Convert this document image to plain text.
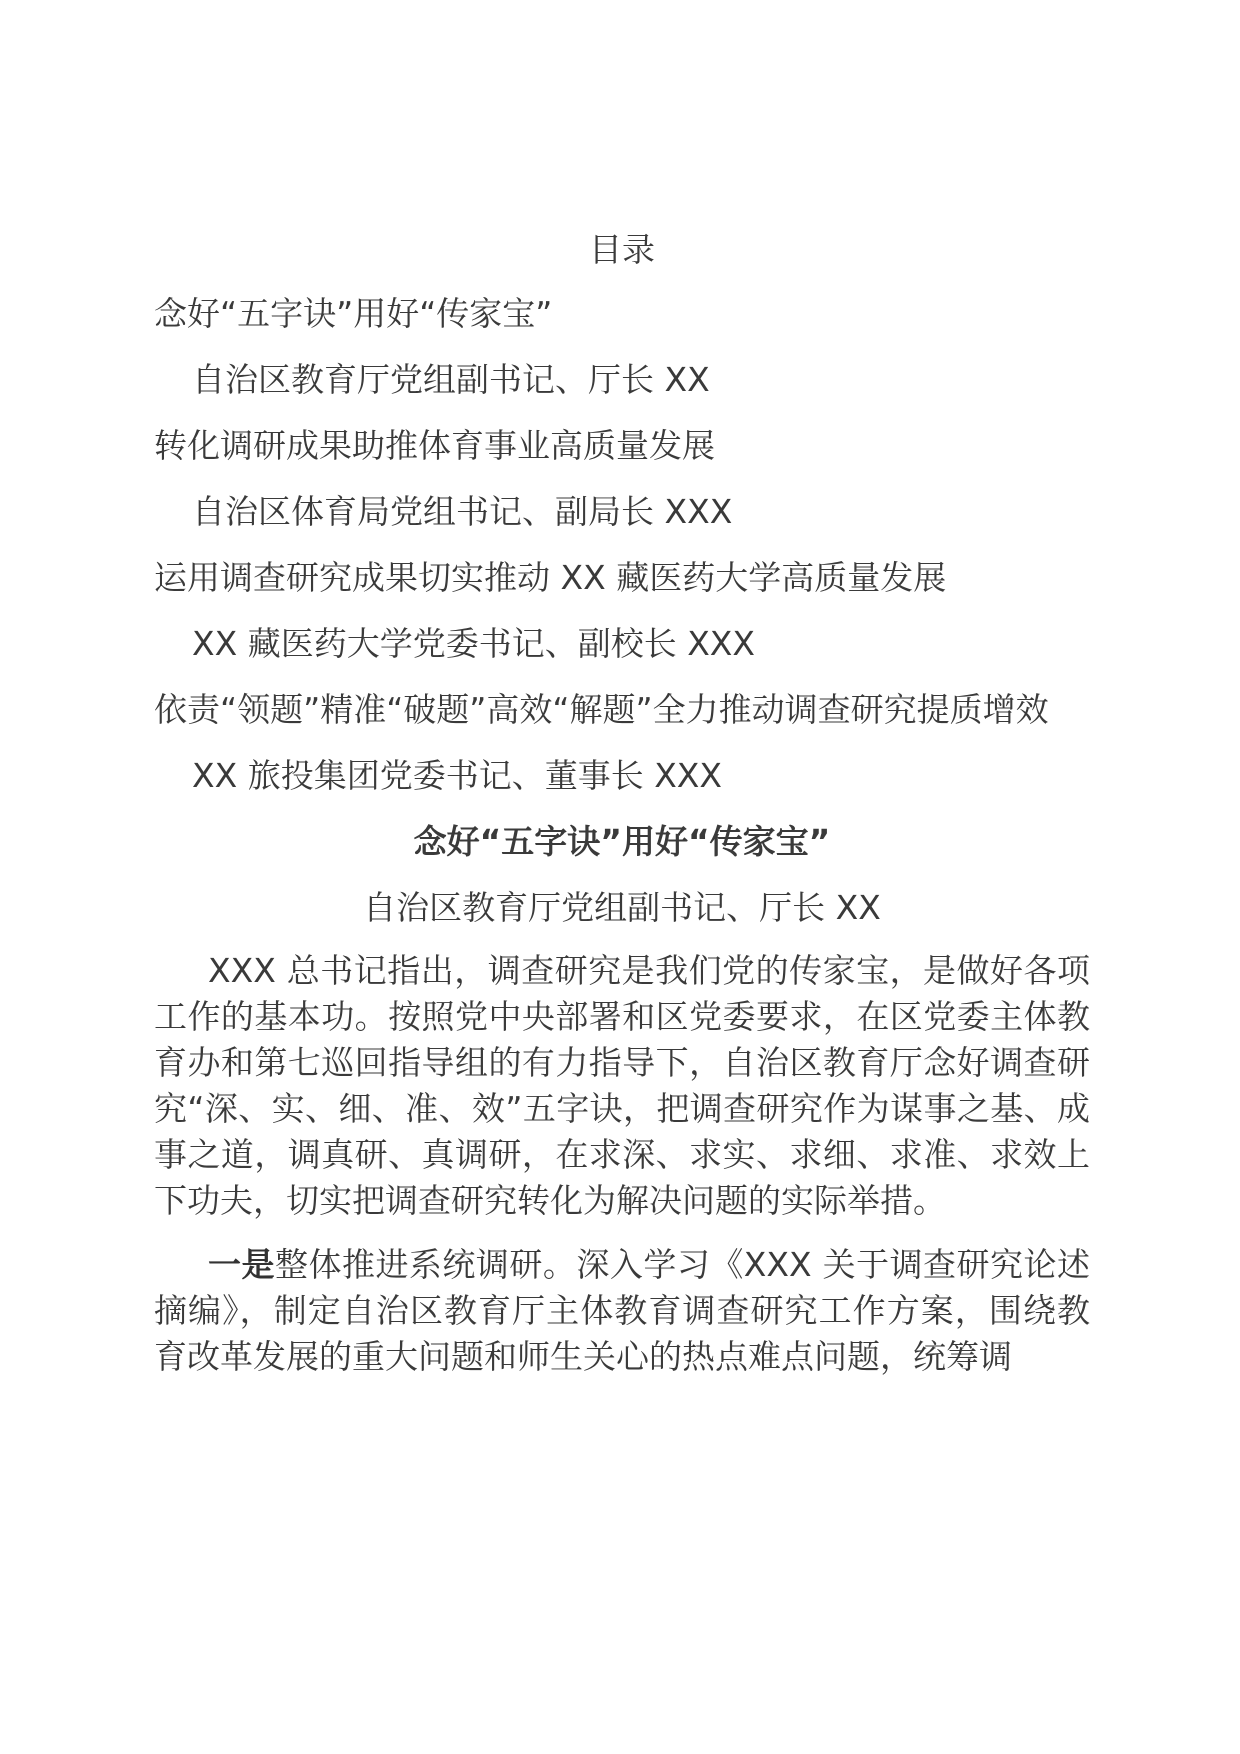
目录

念好“五字诀”用好“传家宝”

自治区教育厅党组副书记、厅长 XX

转化调研成果助推体育事业高质量发展

自治区体育局党组书记、副局长 XXX

运用调查研究成果切实推动 XX 藏医药大学高质量发展

XX 藏医药大学党委书记、副校长 XXX

依责“领题”精准“破题”高效“解题”全力推动调查研究提质增效

XX 旅投集团党委书记、董事长 XXX

念好“五字诀”用好“传家宝”
自治区教育厅党组副书记、厅长 XX

XXX 总书记指出，调查研究是我们党的传家宝，是做好各项工作的基本功。按照党中央部署和区党委要求，在区党委主体教育办和第七巡回指导组的有力指导下，自治区教育厅念好调查研究“深、实、细、准、效”五字诀，把调查研究作为谋事之基、成事之道，调真研、真调研，在求深、求实、求细、求准、求效上下功夫，切实把调查研究转化为解决问题的实际举措。

一是整体推进系统调研。深入学习《XXX 关于调查研究论述摘编》，制定自治区教育厅主体教育调查研究工作方案，围绕教育改革发展的重大问题和师生关心的热点难点问题，统筹调
